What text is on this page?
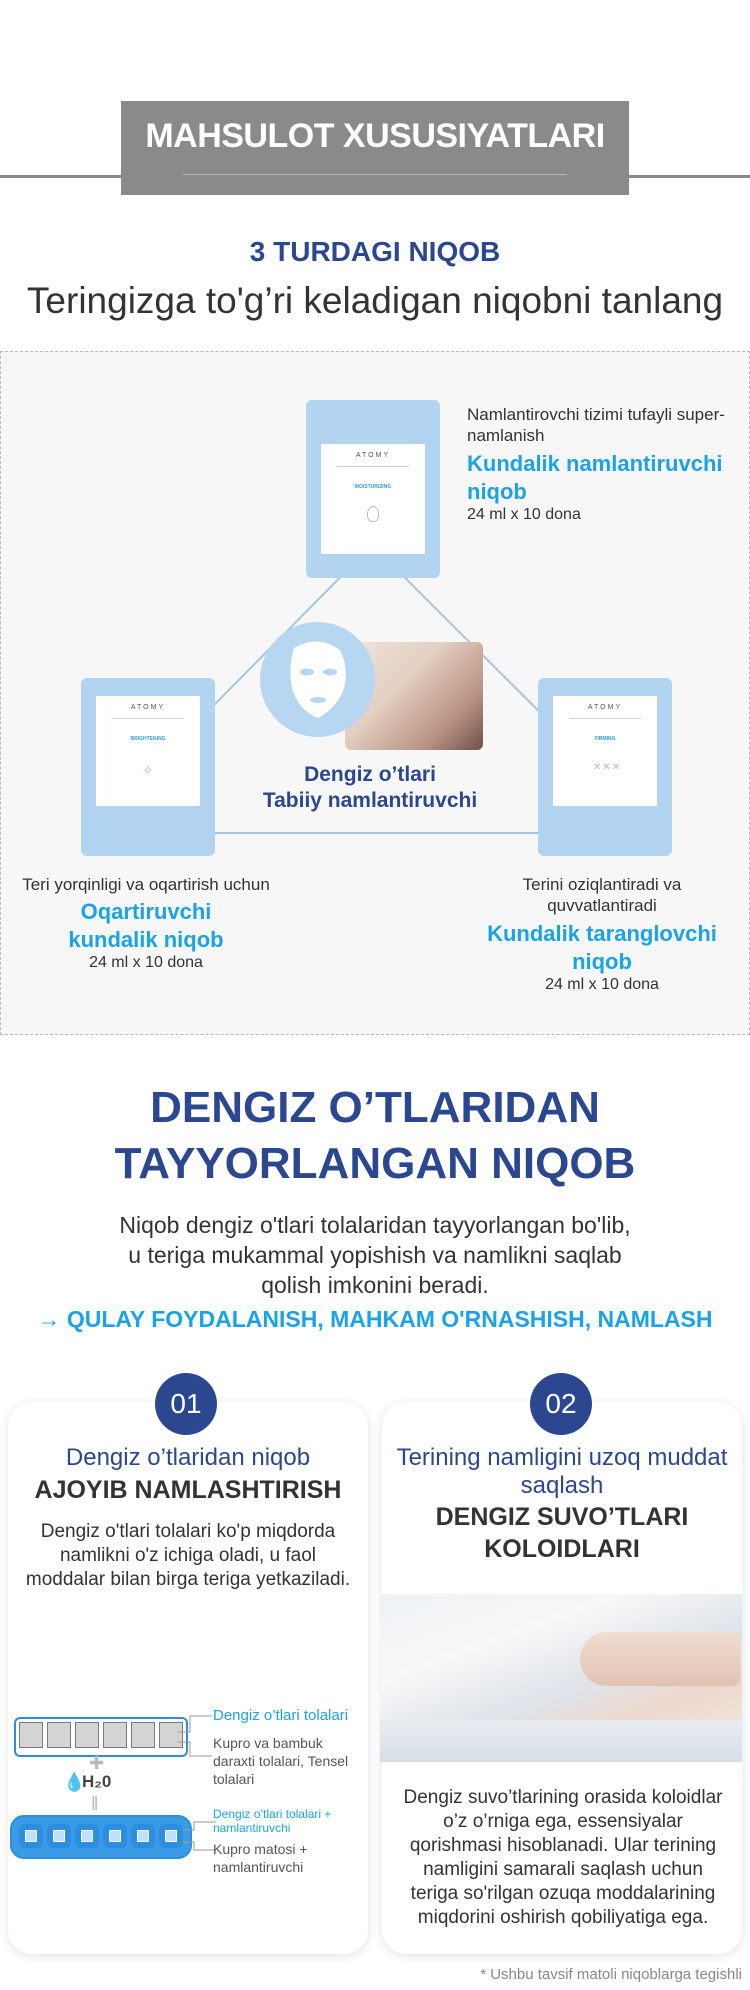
MAHSULOT XUSUSIYATLARI
3 TURDAGI NIQOB
Teringizga to'g’ri keladigan niqobni tanlang
ATOMY
MOISTURIZING
Namlantirovchi tizimi tufayli super-namlanish
Kundalik namlantiruvchi niqob
24 ml x 10 dona
ATOMY
BRIGHTENING
✧
Teri yorqinligi va oqartirish uchun
Oqartiruvchi kundalik niqob
24 ml x 10 dona
ATOMY
FIRMING
✕✕✕
Terini oziqlantiradi va quvvatlantiradi
Kundalik taranglovchi niqob
24 ml x 10 dona
Dengiz o’tlari
Tabiiy namlantiruvchi
DENGIZ O’TLARIDAN
TAYYORLANGAN NIQOB
Niqob dengiz o'tlari tolalaridan tayyorlangan bo'lib,
u teriga mukammal yopishish va namlikni saqlab
qolish imkonini beradi.
→ QULAY FOYDALANISH, MAHKAM O'RNASHISH, NAMLASH
01
Dengiz o’tlaridan niqob
AJOYIB NAMLASHTIRISH
Dengiz o'tlari tolalari ko'p miqdorda namlikni o'z ichiga oladi, u faol moddalar bilan birga teriga yetkaziladi.
Dengiz o’tlari tolalari
Kupro va bambuk daraxti tolalari, Tensel tolalari
✚
💧
H₂0
∥
Dengiz o’tlari tolalari + namlantiruvchi
Kupro matosi + namlantiruvchi
02
Terining namligini uzoq muddat saqlash
DENGIZ SUVO’TLARI KOLOIDLARI
Dengiz suvo’tlarining orasida koloidlar o’z o’rniga ega, essensiyalar qorishmasi hisoblanadi. Ular terining namligini samarali saqlash uchun teriga so'rilgan ozuqa moddalarining miqdorini oshirish qobiliyatiga ega.
* Ushbu tavsif matoli niqoblarga tegishli
